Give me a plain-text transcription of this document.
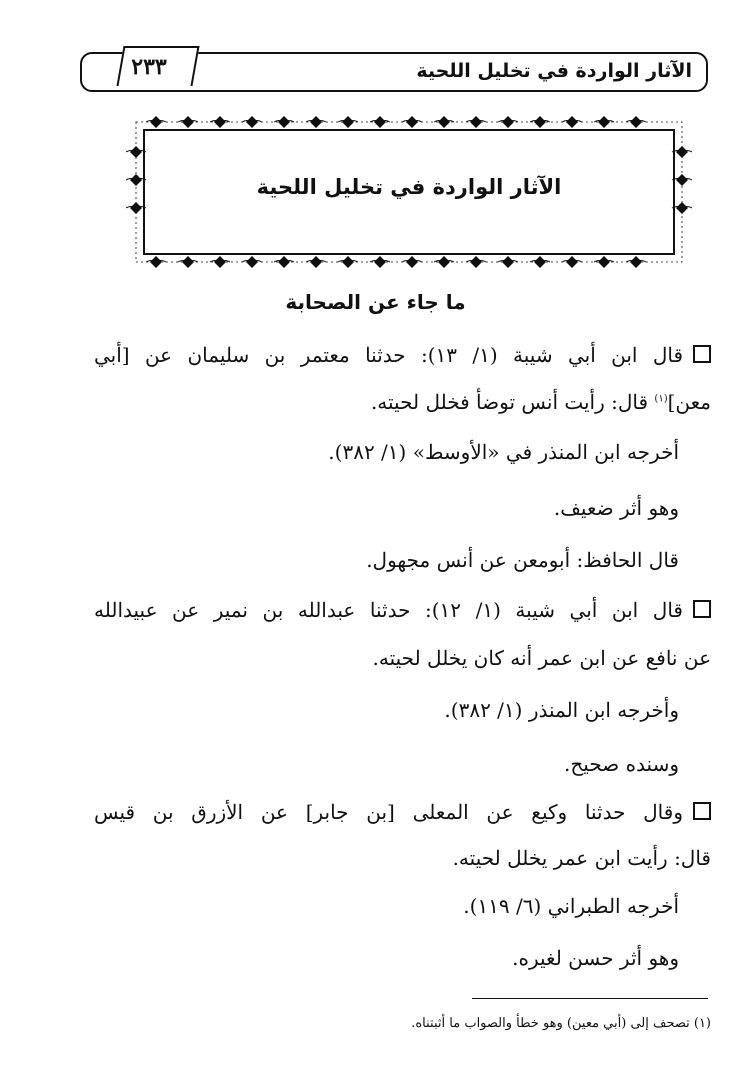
الآثار الواردة في تخليل اللحية
٢٣٣
الآثار الواردة في تخليل اللحية
ما جاء عن الصحابة
قال ابن أبي شيبة (١/ ١٣): حدثنا معتمر بن سليمان عن [أبي
معن]$^{(١)}$ قال: رأيت أنس توضأ فخلل لحيته.
أخرجه ابن المنذر في «الأوسط» (١/ ٣٨٢).
وهو أثر ضعيف.
قال الحافظ: أبومعن عن أنس مجهول.
قال ابن أبي شيبة (١/ ١٢): حدثنا عبدالله بن نمير عن عبيدالله
عن نافع عن ابن عمر أنه كان يخلل لحيته.
وأخرجه ابن المنذر (١/ ٣٨٢).
وسنده صحيح.
وقال حدثنا وكيع عن المعلى [بن جابر] عن الأزرق بن قيس
قال: رأيت ابن عمر يخلل لحيته.
أخرجه الطبراني (٦/ ١١٩).
وهو أثر حسن لغيره.
(١) تصحف إلى (أبي معين) وهو خطأ والصواب ما أثبتناه.
